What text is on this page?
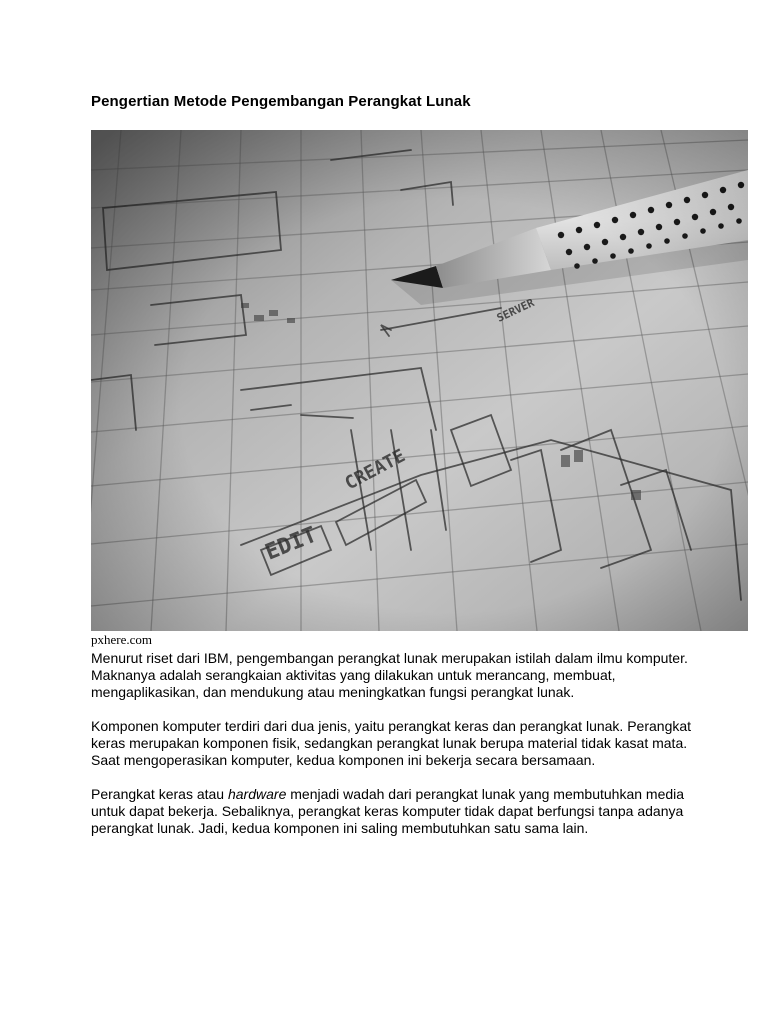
Pengertian Metode Pengembangan Perangkat Lunak
pxhere.com

Menurut riset dari IBM, pengembangan perangkat lunak merupakan istilah dalam ilmu komputer. Maknanya adalah serangkaian aktivitas yang dilakukan untuk merancang, membuat, mengaplikasikan, dan mendukung atau meningkatkan fungsi perangkat lunak.

Komponen komputer terdiri dari dua jenis, yaitu perangkat keras dan perangkat lunak. Perangkat keras merupakan komponen fisik, sedangkan perangkat lunak berupa material tidak kasat mata. Saat mengoperasikan komputer, kedua komponen ini bekerja secara bersamaan.

Perangkat keras atau hardware menjadi wadah dari perangkat lunak yang membutuhkan media untuk dapat bekerja. Sebaliknya, perangkat keras komputer tidak dapat berfungsi tanpa adanya perangkat lunak. Jadi, kedua komponen ini saling membutuhkan satu sama lain.
